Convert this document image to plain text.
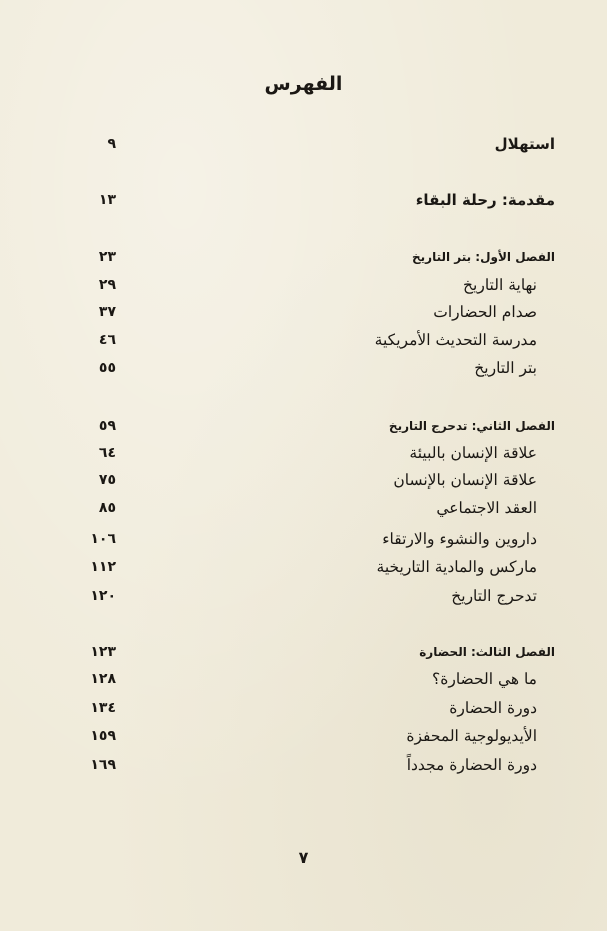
الفهرس
استهلال
٩
مقدمة: رحلة البقاء
١٣
الفصل الأول: بتر التاريخ
٢٣
نهاية التاريخ
٢٩
صدام الحضارات
٣٧
مدرسة التحديث الأمريكية
٤٦
بتر التاريخ
٥٥
الفصل الثاني: تدحرج التاريخ
٥٩
علاقة الإنسان بالبيئة
٦٤
علاقة الإنسان بالإنسان
٧٥
العقد الاجتماعي
٨٥
داروين والنشوء والارتقاء
١٠٦
ماركس والمادية التاريخية
١١٢
تدحرج التاريخ
١٢٠
الفصل الثالث: الحضارة
١٢٣
ما هي الحضارة؟
١٢٨
دورة الحضارة
١٣٤
الأيديولوجية المحفزة
١٥٩
دورة الحضارة مجدداً
١٦٩
٧
